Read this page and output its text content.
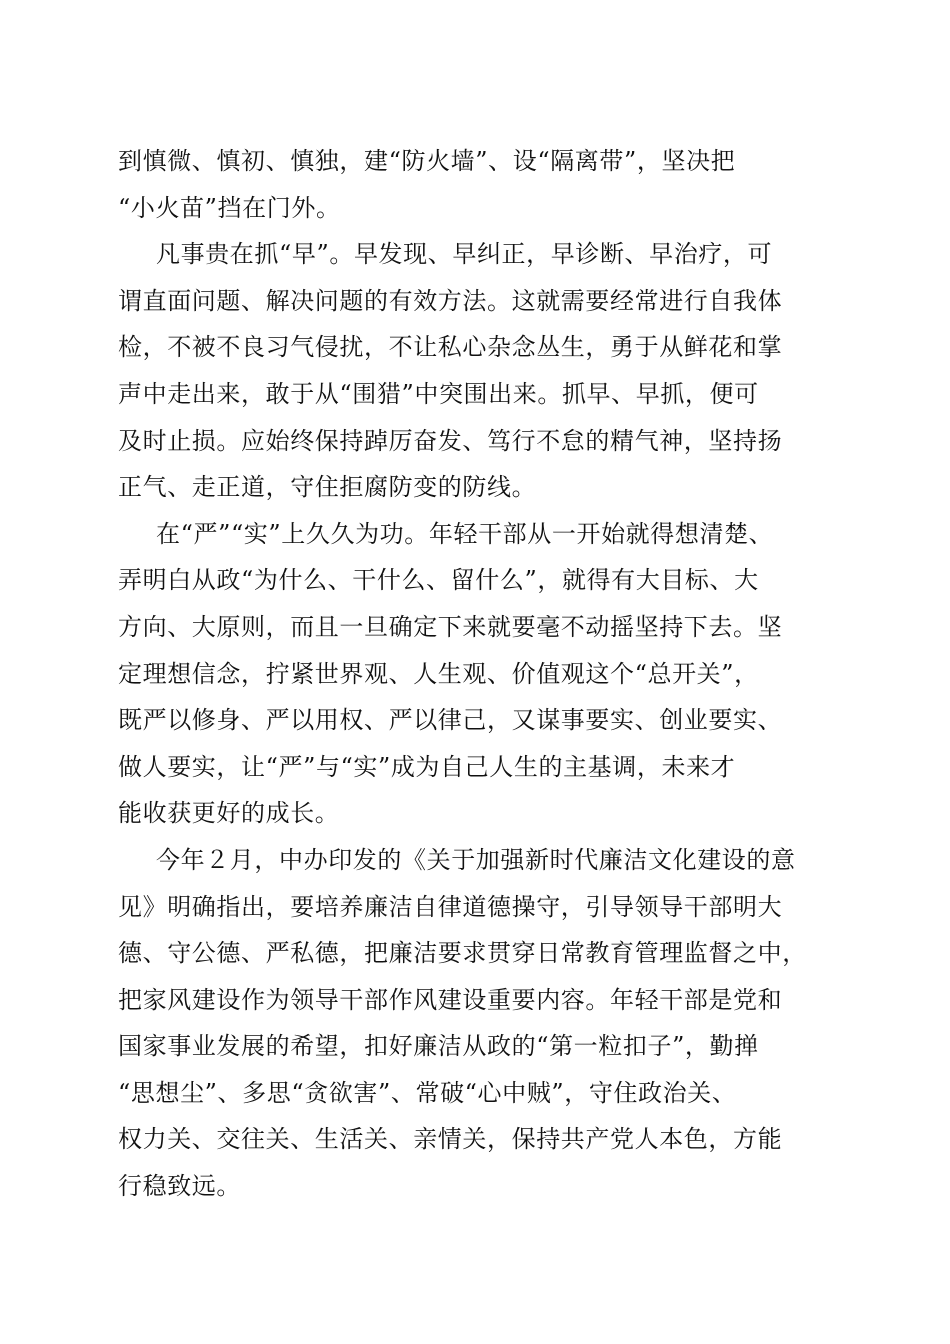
到慎微、慎初、慎独，建“防火墙”、设“隔离带”，坚决把
“小火苗”挡在门外。
凡事贵在抓“早”。早发现、早纠正，早诊断、早治疗，可
谓直面问题、解决问题的有效方法。这就需要经常进行自我体
检，不被不良习气侵扰，不让私心杂念丛生，勇于从鲜花和掌
声中走出来，敢于从“围猎”中突围出来。抓早、早抓，便可
及时止损。应始终保持踔厉奋发、笃行不怠的精气神，坚持扬
正气、走正道，守住拒腐防变的防线。
在“严”“实”上久久为功。年轻干部从一开始就得想清楚、
弄明白从政“为什么、干什么、留什么”，就得有大目标、大
方向、大原则，而且一旦确定下来就要毫不动摇坚持下去。坚
定理想信念，拧紧世界观、人生观、价值观这个“总开关”，
既严以修身、严以用权、严以律己，又谋事要实、创业要实、
做人要实，让“严”与“实”成为自己人生的主基调，未来才
能收获更好的成长。
今年２月，中办印发的《关于加强新时代廉洁文化建设的意
见》明确指出，要培养廉洁自律道德操守，引导领导干部明大
德、守公德、严私德，把廉洁要求贯穿日常教育管理监督之中，
把家风建设作为领导干部作风建设重要内容。年轻干部是党和
国家事业发展的希望，扣好廉洁从政的“第一粒扣子”，勤掸
“思想尘”、多思“贪欲害”、常破“心中贼”，守住政治关、
权力关、交往关、生活关、亲情关，保持共产党人本色，方能
行稳致远。
